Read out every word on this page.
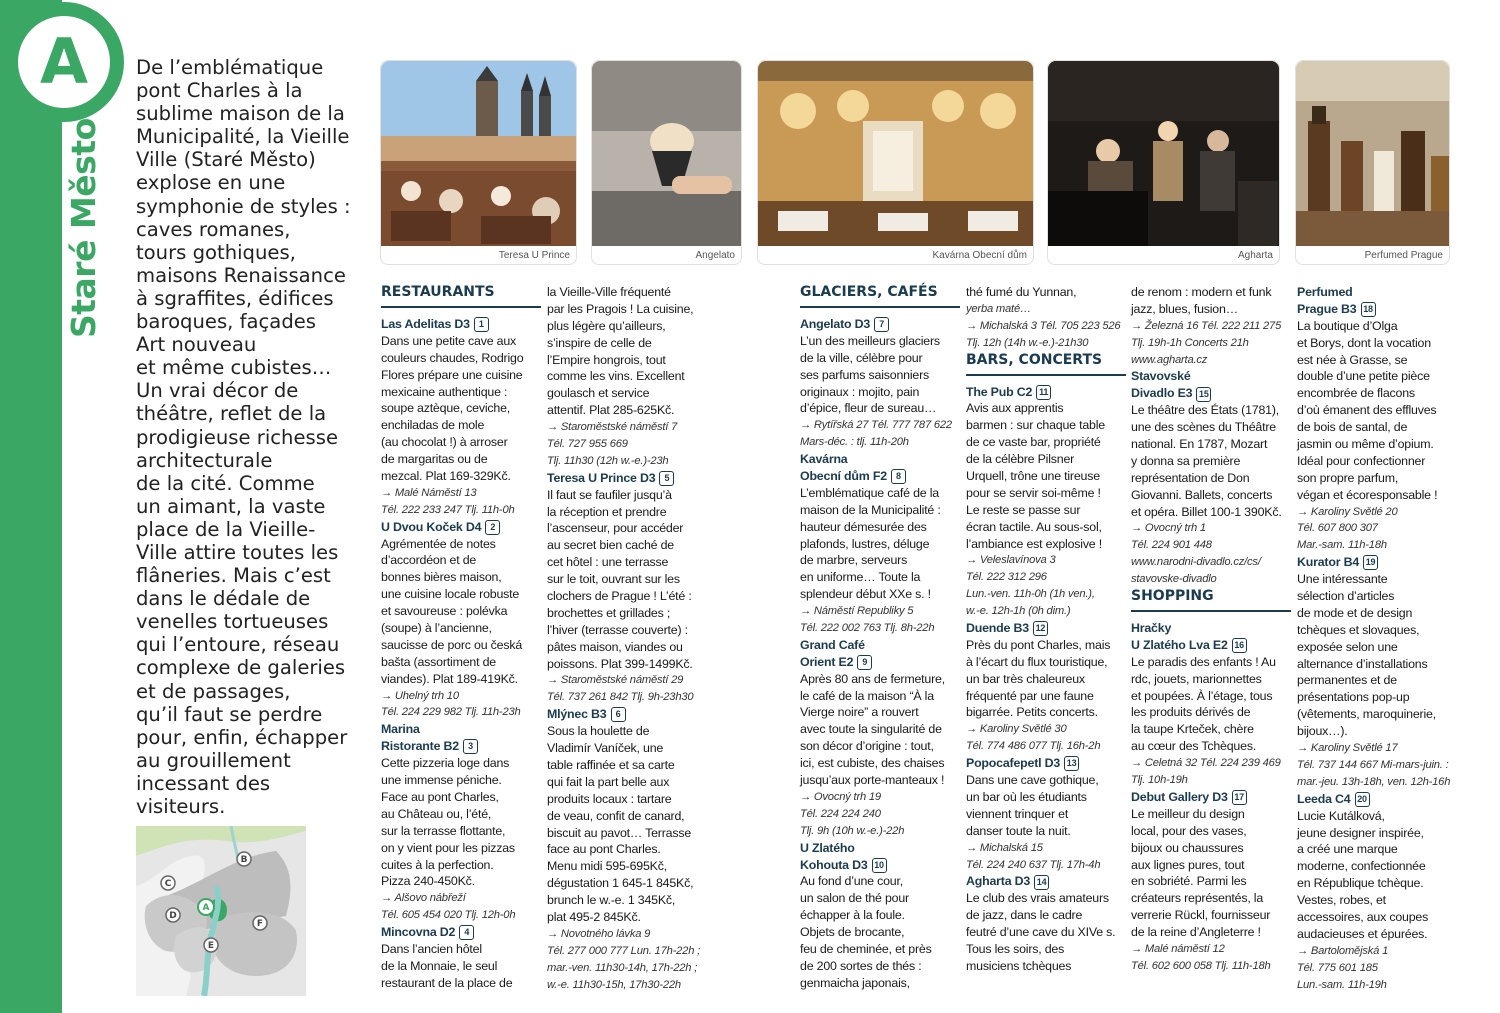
A
Staré Město
De l’emblématique
pont Charles à la
sublime maison de la
Municipalité, la Vieille
Ville (Staré Město)
explose en une
symphonie de styles :
caves romanes,
tours gothiques,
maisons Renaissance
à sgraffites, édifices
baroques, façades
Art nouveau
et même cubistes…
Un vrai décor de
théâtre, reflet de la
prodigieuse richesse
architecturale
de la cité. Comme
un aimant, la vaste
place de la Vieille-
Ville attire toutes les
flâneries. Mais c’est
dans le dédale de
venelles tortueuses
qui l’entoure, réseau
complexe de galeries
et de passages,
qu’il faut se perdre
pour, enfin, échapper
au grouillement
incessant des
visiteurs.
B
C
D
A
F
E
Teresa U Prince	Angelato	Kavárna Obecní dům	Agharta	Perfumed Prague
RESTAURANTS
Las Adelitas D3 1
Dans une petite cave aux
couleurs chaudes, Rodrigo
Flores prépare une cuisine
mexicaine authentique :
soupe aztèque, ceviche,
enchiladas de mole
(au chocolat !) à arroser
de margaritas ou de
mezcal. Plat 169-329Kč.
→ Malé Náměstí 13
Tél. 222 233 247 Tlj. 11h-0h
U Dvou Koček D4 2
Agrémentée de notes
d’accordéon et de
bonnes bières maison,
une cuisine locale robuste
et savoureuse : polévka
(soupe) à l’ancienne,
saucisse de porc ou česká
bašta (assortiment de
viandes). Plat 189-419Kč.
→ Uhelný trh 10
Tél. 224 229 982 Tlj. 11h-23h
Marina
Ristorante B2 3
Cette pizzeria loge dans
une immense péniche.
Face au pont Charles,
au Château ou, l’été,
sur la terrasse flottante,
on y vient pour les pizzas
cuites à la perfection.
Pizza 240-450Kč.
→ Alšovo nábřeží
Tél. 605 454 020 Tlj. 12h-0h
Mincovna D2 4
Dans l’ancien hôtel
de la Monnaie, le seul
restaurant de la place de
la Vieille-Ville fréquenté
par les Pragois ! La cuisine,
plus légère qu’ailleurs,
s’inspire de celle de
l’Empire hongrois, tout
comme les vins. Excellent
goulasch et service
attentif. Plat 285-625Kč.
→ Staroměstské náměstí 7
Tél. 727 955 669
Tlj. 11h30 (12h w.-e.)-23h
Teresa U Prince D3 5
Il faut se faufiler jusqu’à
la réception et prendre
l’ascenseur, pour accéder
au secret bien caché de
cet hôtel : une terrasse
sur le toit, ouvrant sur les
clochers de Prague ! L’été :
brochettes et grillades ;
l’hiver (terrasse couverte) :
pâtes maison, viandes ou
poissons. Plat 399-1499Kč.
→ Staroměstské náměstí 29
Tél. 737 261 842 Tlj. 9h-23h30
Mlýnec B3 6
Sous la houlette de
Vladimír Vaníček, une
table raffinée et sa carte
qui fait la part belle aux
produits locaux : tartare
de veau, confit de canard,
biscuit au pavot… Terrasse
face au pont Charles.
Menu midi 595-695Kč,
dégustation 1 645-1 845Kč,
brunch le w.-e. 1 345Kč,
plat 495-2 845Kč.
→ Novotného lávka 9
Tél. 277 000 777 Lun. 17h-22h ;
mar.-ven. 11h30-14h, 17h-22h ;
w.-e. 11h30-15h, 17h30-22h
GLACIERS, CAFÉS
Angelato D3 7
L’un des meilleurs glaciers
de la ville, célèbre pour
ses parfums saisonniers
originaux : mojito, pain
d’épice, fleur de sureau…
→ Rytířská 27 Tél. 777 787 622
Mars-déc. : tlj. 11h-20h
Kavárna
Obecní dům F2 8
L’emblématique café de la
maison de la Municipalité :
hauteur démesurée des
plafonds, lustres, déluge
de marbre, serveurs
en uniforme… Toute la
splendeur début XXe s. !
→ Náměstí Republiky 5
Tél. 222 002 763 Tlj. 8h-22h
Grand Café
Orient E2 9
Après 80 ans de fermeture,
le café de la maison “À la
Vierge noire” a rouvert
avec toute la singularité de
son décor d’origine : tout,
ici, est cubiste, des chaises
jusqu’aux porte-manteaux !
→ Ovocný trh 19
Tél. 224 224 240
Tlj. 9h (10h w.-e.)-22h
U Zlatého
Kohouta D3 10
Au fond d’une cour,
un salon de thé pour
échapper à la foule.
Objets de brocante,
feu de cheminée, et près
de 200 sortes de thés :
genmaicha japonais,
thé fumé du Yunnan,
yerba maté…
→ Michalská 3 Tél. 705 223 526
Tlj. 12h (14h w.-e.)-21h30
BARS, CONCERTS
The Pub C2 11
Avis aux apprentis
barmen : sur chaque table
de ce vaste bar, propriété
de la célèbre Pilsner
Urquell, trône une tireuse
pour se servir soi-même !
Le reste se passe sur
écran tactile. Au sous-sol,
l’ambiance est explosive !
→ Veleslavínova 3
Tél. 222 312 296
Lun.-ven. 11h-0h (1h ven.),
w.-e. 12h-1h (0h dim.)
Duende B3 12
Près du pont Charles, mais
à l’écart du flux touristique,
un bar très chaleureux
fréquenté par une faune
bigarrée. Petits concerts.
→ Karoliny Světlé 30
Tél. 774 486 077 Tlj. 16h-2h
Popocafepetl D3 13
Dans une cave gothique,
un bar où les étudiants
viennent trinquer et
danser toute la nuit.
→ Michalská 15
Tél. 224 240 637 Tlj. 17h-4h
Agharta D3 14
Le club des vrais amateurs
de jazz, dans le cadre
feutré d’une cave du XIVe s.
Tous les soirs, des
musiciens tchèques
de renom : modern et funk
jazz, blues, fusion…
→ Železná 16 Tél. 222 211 275
Tlj. 19h-1h Concerts 21h
www.agharta.cz
Stavovské
Divadlo E3 15
Le théâtre des États (1781),
une des scènes du Théâtre
national. En 1787, Mozart
y donna sa première
représentation de Don
Giovanni. Ballets, concerts
et opéra. Billet 100-1 390Kč.
→ Ovocný trh 1
Tél. 224 901 448
www.narodni-divadlo.cz/cs/
stavovske-divadlo
SHOPPING
Hračky
U Zlatého Lva E2 16
Le paradis des enfants ! Au
rdc, jouets, marionnettes
et poupées. À l’étage, tous
les produits dérivés de
la taupe Krteček, chère
au cœur des Tchèques.
→ Celetná 32 Tél. 224 239 469
Tlj. 10h-19h
Debut Gallery D3 17
Le meilleur du design
local, pour des vases,
bijoux ou chaussures
aux lignes pures, tout
en sobriété. Parmi les
créateurs représentés, la
verrerie Rückl, fournisseur
de la reine d’Angleterre !
→ Malé náměstí 12
Tél. 602 600 058 Tlj. 11h-18h
Perfumed
Prague B3 18
La boutique d’Olga
et Borys, dont la vocation
est née à Grasse, se
double d’une petite pièce
encombrée de flacons
d’où émanent des effluves
de bois de santal, de
jasmin ou même d’opium.
Idéal pour confectionner
son propre parfum,
végan et écoresponsable !
→ Karoliny Světlé 20
Tél. 607 800 307
Mar.-sam. 11h-18h
Kurator B4 19
Une intéressante
sélection d’articles
de mode et de design
tchèques et slovaques,
exposée selon une
alternance d’installations
permanentes et de
présentations pop-up
(vêtements, maroquinerie,
bijoux…).
→ Karoliny Světlé 17
Tél. 737 144 667 Mi-mars-juin. :
mar.-jeu. 13h-18h, ven. 12h-16h
Leeda C4 20
Lucie Kutálková,
jeune designer inspirée,
a créé une marque
moderne, confectionnée
en République tchèque.
Vestes, robes, et
accessoires, aux coupes
audacieuses et épurées.
→ Bartolomějská 1
Tél. 775 601 185
Lun.-sam. 11h-19h
